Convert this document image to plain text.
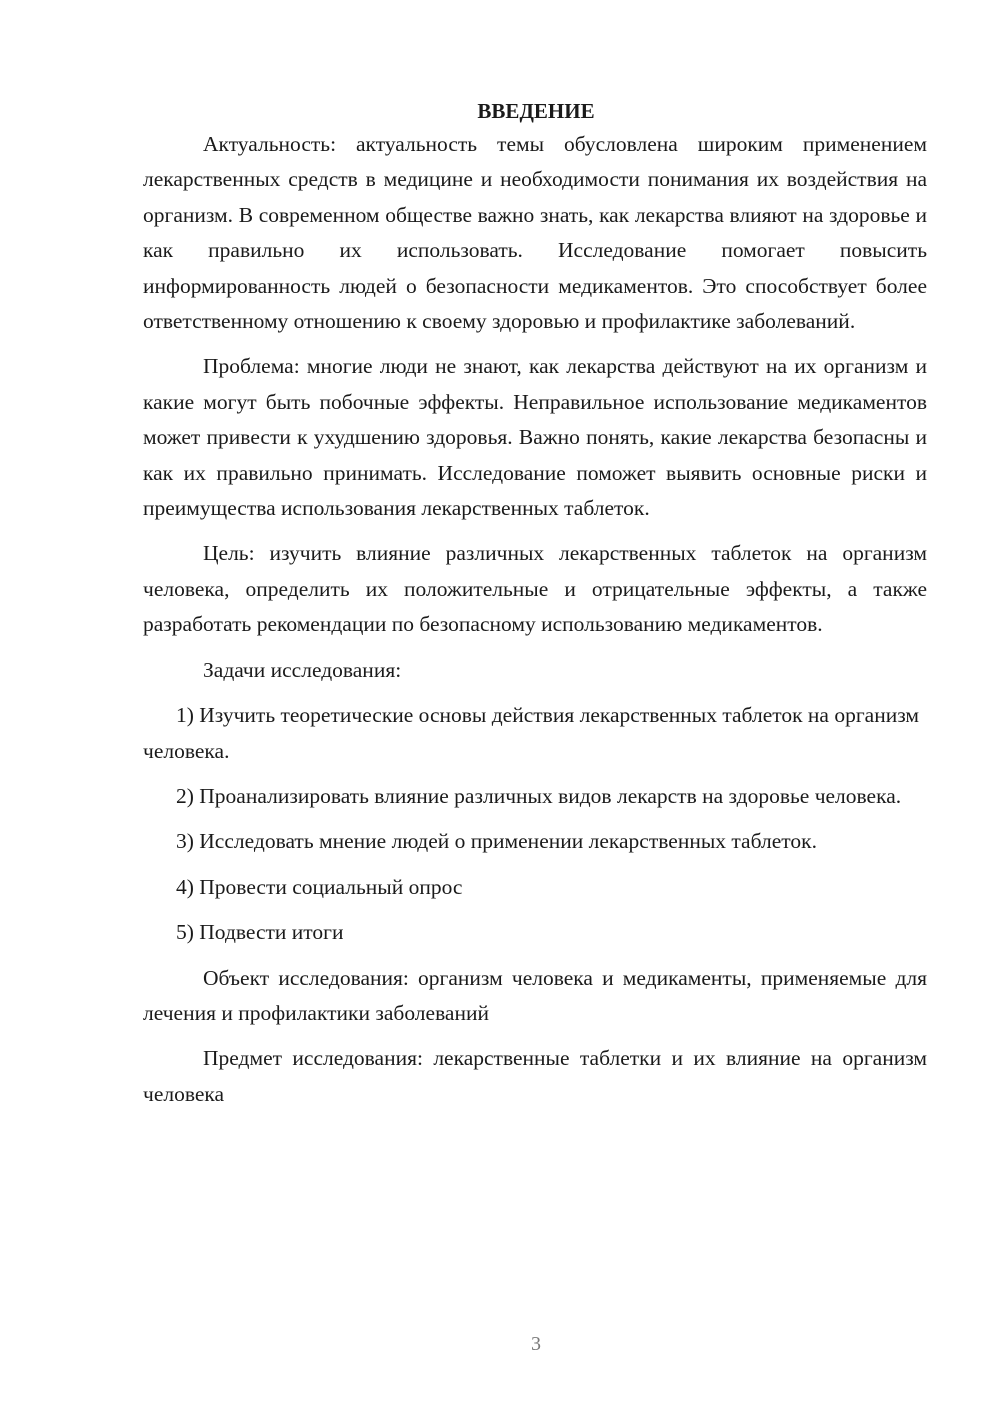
ВВЕДЕНИЕ

Актуальность: актуальность темы обусловлена широким применением лекарственных средств в медицине и необходимости понимания их воздействия на организм. В современном обществе важно знать, как лекарства влияют на здоровье и как правильно их использовать. Исследование помогает повысить информированность людей о безопасности медикаментов. Это способствует более ответственному отношению к своему здоровью и профилактике заболеваний.

Проблема: многие люди не знают, как лекарства действуют на их организм и какие могут быть побочные эффекты. Неправильное использование медикаментов может привести к ухудшению здоровья. Важно понять, какие лекарства безопасны и как их правильно принимать. Исследование поможет выявить основные риски и преимущества использования лекарственных таблеток.

Цель: изучить влияние различных лекарственных таблеток на организм человека, определить их положительные и отрицательные эффекты, а также разработать рекомендации по безопасному использованию медикаментов.

Задачи исследования:

1) Изучить теоретические основы действия лекарственных таблеток на организм человека.

2) Проанализировать влияние различных видов лекарств на здоровье человека.

3) Исследовать мнение людей о применении лекарственных таблеток.

4) Провести социальный опрос

5) Подвести итоги

Объект исследования: организм человека и медикаменты, применяемые для лечения и профилактики заболеваний

Предмет исследования: лекарственные таблетки и их влияние на организм человека

3
